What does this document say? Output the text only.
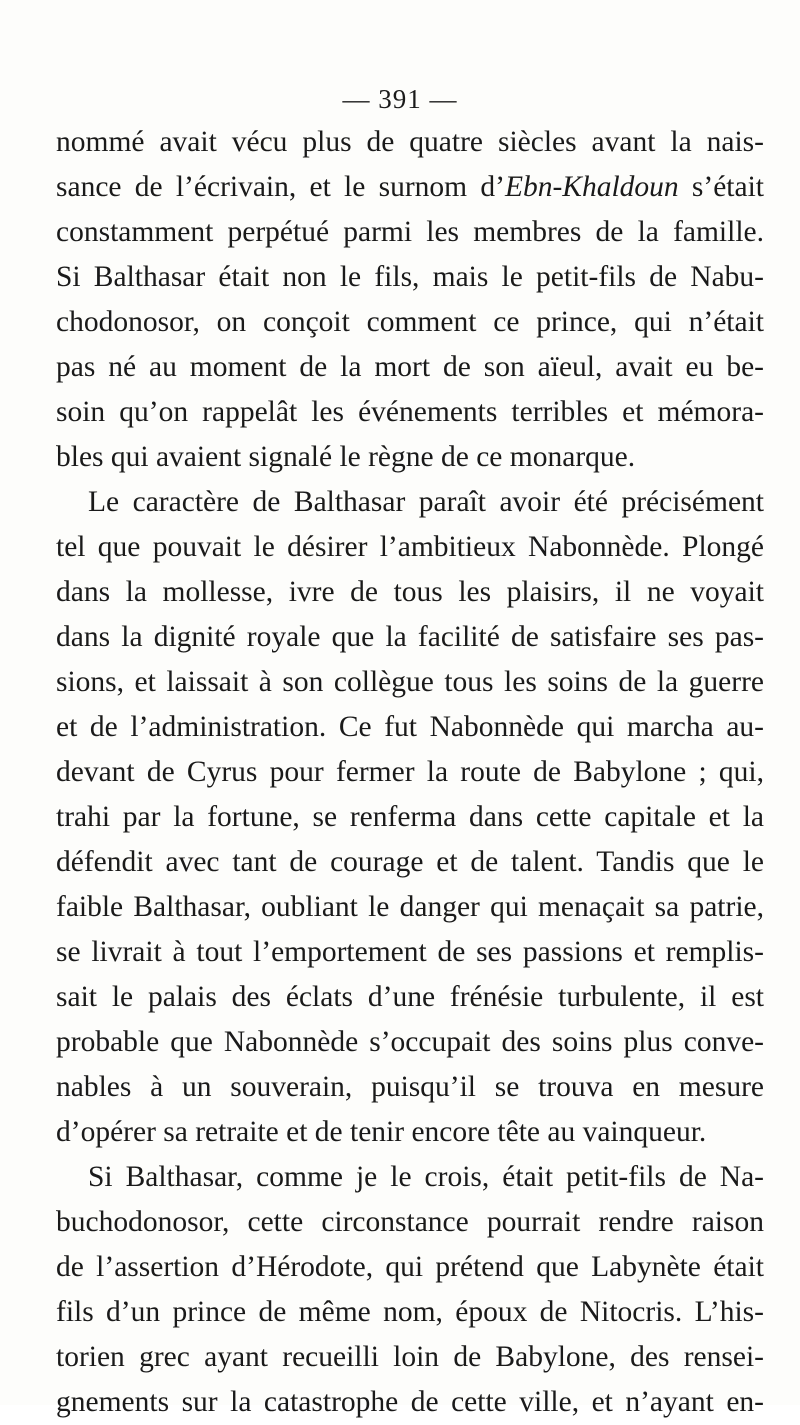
— 391 —
nommé avait vécu plus de quatre siècles avant la nais-
sance de l’écrivain, et le surnom d’Ebn-Khaldoun s’était
constamment perpétué parmi les membres de la famille.
Si Balthasar était non le fils, mais le petit-fils de Nabu-
chodonosor, on conçoit comment ce prince, qui n’était
pas né au moment de la mort de son aïeul, avait eu be-
soin qu’on rappelât les événements terribles et mémora-
bles qui avaient signalé le règne de ce monarque.
Le caractère de Balthasar paraît avoir été précisément
tel que pouvait le désirer l’ambitieux Nabonnède. Plongé
dans la mollesse, ivre de tous les plaisirs, il ne voyait
dans la dignité royale que la facilité de satisfaire ses pas-
sions, et laissait à son collègue tous les soins de la guerre
et de l’administration. Ce fut Nabonnède qui marcha au-
devant de Cyrus pour fermer la route de Babylone ; qui,
trahi par la fortune, se renferma dans cette capitale et la
défendit avec tant de courage et de talent. Tandis que le
faible Balthasar, oubliant le danger qui menaçait sa patrie,
se livrait à tout l’emportement de ses passions et remplis-
sait le palais des éclats d’une frénésie turbulente, il est
probable que Nabonnède s’occupait des soins plus conve-
nables à un souverain, puisqu’il se trouva en mesure
d’opérer sa retraite et de tenir encore tête au vainqueur.
Si Balthasar, comme je le crois, était petit-fils de Na-
buchodonosor, cette circonstance pourrait rendre raison
de l’assertion d’Hérodote, qui prétend que Labynète était
fils d’un prince de même nom, époux de Nitocris. L’his-
torien grec ayant recueilli loin de Babylone, des rensei-
gnements sur la catastrophe de cette ville, et n’ayant en-
